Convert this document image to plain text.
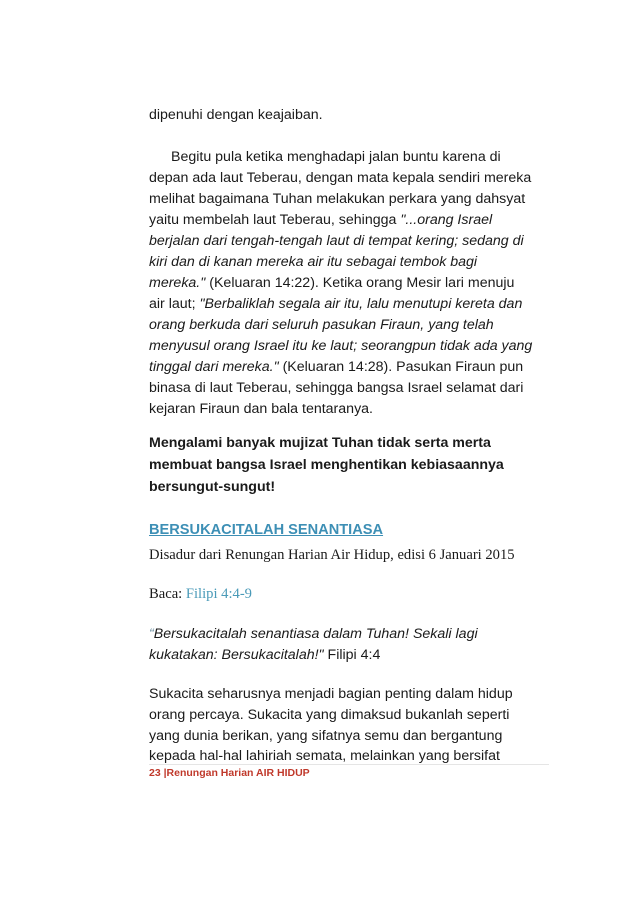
dipenuhi dengan keajaiban.
Begitu pula ketika menghadapi jalan buntu karena di
depan ada laut Teberau, dengan mata kepala sendiri mereka
melihat bagaimana Tuhan melakukan perkara yang dahsyat
yaitu membelah laut Teberau, sehingga "...orang Israel
berjalan dari tengah-tengah laut di tempat kering; sedang di
kiri dan di kanan mereka air itu sebagai tembok bagi
mereka." (Keluaran 14:22). Ketika orang Mesir lari menuju
air laut; "Berbaliklah segala air itu, lalu menutupi kereta dan
orang berkuda dari seluruh pasukan Firaun, yang telah
menyusul orang Israel itu ke laut; seorangpun tidak ada yang
tinggal dari mereka." (Keluaran 14:28). Pasukan Firaun pun
binasa di laut Teberau, sehingga bangsa Israel selamat dari
kejaran Firaun dan bala tentaranya.
Mengalami banyak mujizat Tuhan tidak serta merta
membuat bangsa Israel menghentikan kebiasaannya
bersungut-sungut!
BERSUKACITALAH SENANTIASA
Disadur dari Renungan Harian Air Hidup, edisi 6 Januari 2015
Baca: Filipi 4:4-9
“Bersukacitalah senantiasa dalam Tuhan! Sekali lagi
kukatakan: Bersukacitalah!" Filipi 4:4
Sukacita seharusnya menjadi bagian penting dalam hidup
orang percaya. Sukacita yang dimaksud bukanlah seperti
yang dunia berikan, yang sifatnya semu dan bergantung
kepada hal-hal lahiriah semata, melainkan yang bersifat
23 |Renungan Harian AIR HIDUP
